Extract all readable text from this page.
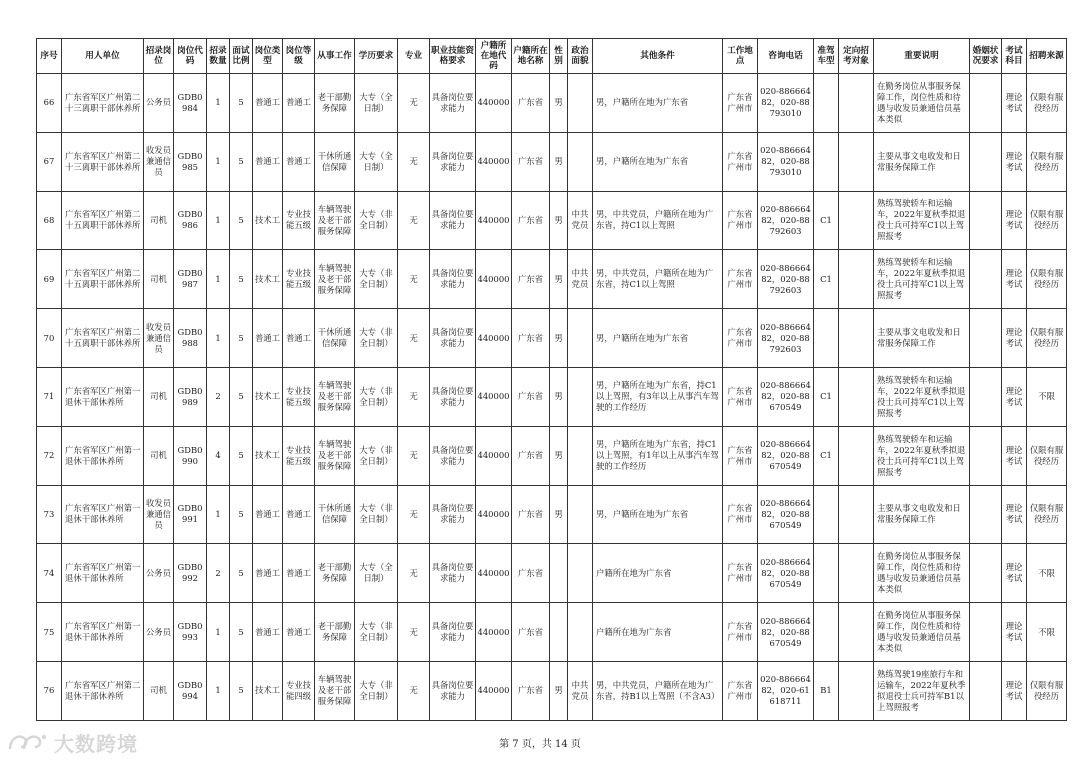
序号	用人单位	招录岗位	岗位代码	招录数量	面试比例	岗位类型	岗位等级	从事工作	学历要求	专业	职业技能资格要求	户籍所在地代码	户籍所在地名称	性别	政治面貌	其他条件	工作地点	咨询电话	准驾车型	定向招考对象	重要说明	婚姻状况要求	考试科目	招聘来源
66	广东省军区广州第二十三离职干部休养所	公务员	GDB0984	1	5	普通工	普通工	老干部勤务保障	大专（全日制）	无	具备岗位要求能力	440000	广东省	男		男，户籍所在地为广东省	广东省广州市	020-88666482，020-88793010			在勤务岗位从事服务保障工作，岗位性质和待遇与收发员兼通信员基本类似		理论考试	仅限有服役经历
67	广东省军区广州第二十三离职干部休养所	收发员兼通信员	GDB0985	1	5	普通工	普通工	干休所通信保障	大专（全日制）	无	具备岗位要求能力	440000	广东省	男		男，户籍所在地为广东省	广东省广州市	020-88666482，020-88793010			主要从事文电收发和日常服务保障工作		理论考试	仅限有服役经历
68	广东省军区广州第二十五离职干部休养所	司机	GDB0986	1	5	技术工	专业技能五级	车辆驾驶及老干部服务保障	大专（非全日制）	无	具备岗位要求能力	440000	广东省	男	中共党员	男，中共党员，户籍所在地为广东省，持C1以上驾照	广东省广州市	020-88666482，020-88792603	C1		熟练驾驶轿车和运输车，2022年夏秋季拟退役士兵可持军C1以上驾照报考		理论考试	仅限有服役经历
69	广东省军区广州第二十五离职干部休养所	司机	GDB0987	1	5	技术工	专业技能五级	车辆驾驶及老干部服务保障	大专（非全日制）	无	具备岗位要求能力	440000	广东省	男	中共党员	男，中共党员，户籍所在地为广东省，持C1以上驾照	广东省广州市	020-88666482，020-88792603	C1		熟练驾驶轿车和运输车，2022年夏秋季拟退役士兵可持军C1以上驾照报考		理论考试	仅限有服役经历
70	广东省军区广州第二十五离职干部休养所	收发员兼通信员	GDB0988	1	5	普通工	普通工	干休所通信保障	大专（非全日制）	无	具备岗位要求能力	440000	广东省	男		男，户籍所在地为广东省	广东省广州市	020-88666482，020-88792603			主要从事文电收发和日常服务保障工作		理论考试	仅限有服役经历
71	广东省军区广州第一退休干部休养所	司机	GDB0989	2	5	技术工	专业技能五级	车辆驾驶及老干部服务保障	大专（非全日制）	无	具备岗位要求能力	440000	广东省	男		男，户籍所在地为广东省，持C1以上驾照，有3年以上从事汽车驾驶的工作经历	广东省广州市	020-88666482，020-88670549	C1		熟练驾驶轿车和运输车，2022年夏秋季拟退役士兵可持军C1以上驾照报考		理论考试	不限
72	广东省军区广州第一退休干部休养所	司机	GDB0990	4	5	技术工	专业技能五级	车辆驾驶及老干部服务保障	大专（非全日制）	无	具备岗位要求能力	440000	广东省	男		男，户籍所在地为广东省，持C1以上驾照，有1年以上从事汽车驾驶的工作经历	广东省广州市	020-88666482，020-88670549	C1		熟练驾驶轿车和运输车，2022年夏秋季拟退役士兵可持军C1以上驾照报考		理论考试	仅限有服役经历
73	广东省军区广州第一退休干部休养所	收发员兼通信员	GDB0991	1	5	普通工	普通工	干休所通信保障	大专（非全日制）	无	具备岗位要求能力	440000	广东省	男		男，户籍所在地为广东省	广东省广州市	020-88666482，020-88670549			主要从事文电收发和日常服务保障工作		理论考试	仅限有服役经历
74	广东省军区广州第一退休干部休养所	公务员	GDB0992	2	5	普通工	普通工	老干部勤务保障	大专（全日制）	无	具备岗位要求能力	440000	广东省			户籍所在地为广东省	广东省广州市	020-88666482，020-88670549			在勤务岗位从事服务保障工作，岗位性质和待遇与收发员兼通信员基本类似		理论考试	不限
75	广东省军区广州第一退休干部休养所	公务员	GDB0993	1	5	普通工	普通工	老干部勤务保障	大专（非全日制）	无	具备岗位要求能力	440000	广东省			户籍所在地为广东省	广东省广州市	020-88666482，020-88670549			在勤务岗位从事服务保障工作，岗位性质和待遇与收发员兼通信员基本类似		理论考试	不限
76	广东省军区广州第二退休干部休养所	司机	GDB0994	1	5	技术工	专业技能四级	车辆驾驶及老干部服务保障	大专（非全日制）	无	具备岗位要求能力	440000	广东省	男	中共党员	男，中共党员，户籍所在地为广东省，持B1以上驾照（不含A3）	广东省广州市	020-88666482，020-61618711	B1		熟练驾驶19座旅行车和运输车，2022年夏秋季拟退役士兵可持军B1以上驾照报考		理论考试	仅限有服役经历
第 7 页，共 14 页
大数跨境
